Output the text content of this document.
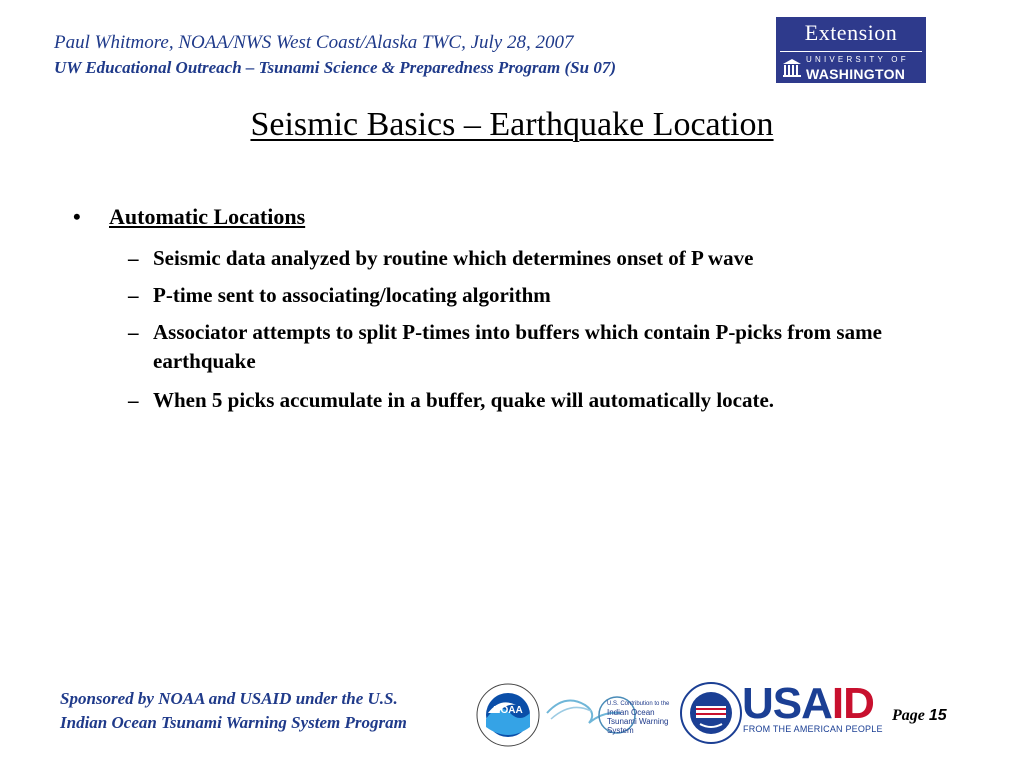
Paul Whitmore, NOAA/NWS West Coast/Alaska TWC, July 28, 2007
UW Educational Outreach – Tsunami Science & Preparedness Program (Su 07)
Extension
UNIVERSITY OF
WASHINGTON
Seismic Basics – Earthquake Location
• Automatic Locations
– Seismic data analyzed by routine which determines onset of P wave
– P-time sent to associating/locating algorithm
– Associator attempts to split P-times into buffers which contain P-picks from same earthquake
– When 5 picks accumulate in a buffer, quake will automatically locate.
Sponsored by NOAA and USAID under the U.S.
Indian Ocean Tsunami Warning System Program
NOAA
U.S. Contribution to the
Indian Ocean
Tsunami Warning
System
USAID
FROM THE AMERICAN PEOPLE
Page 15
